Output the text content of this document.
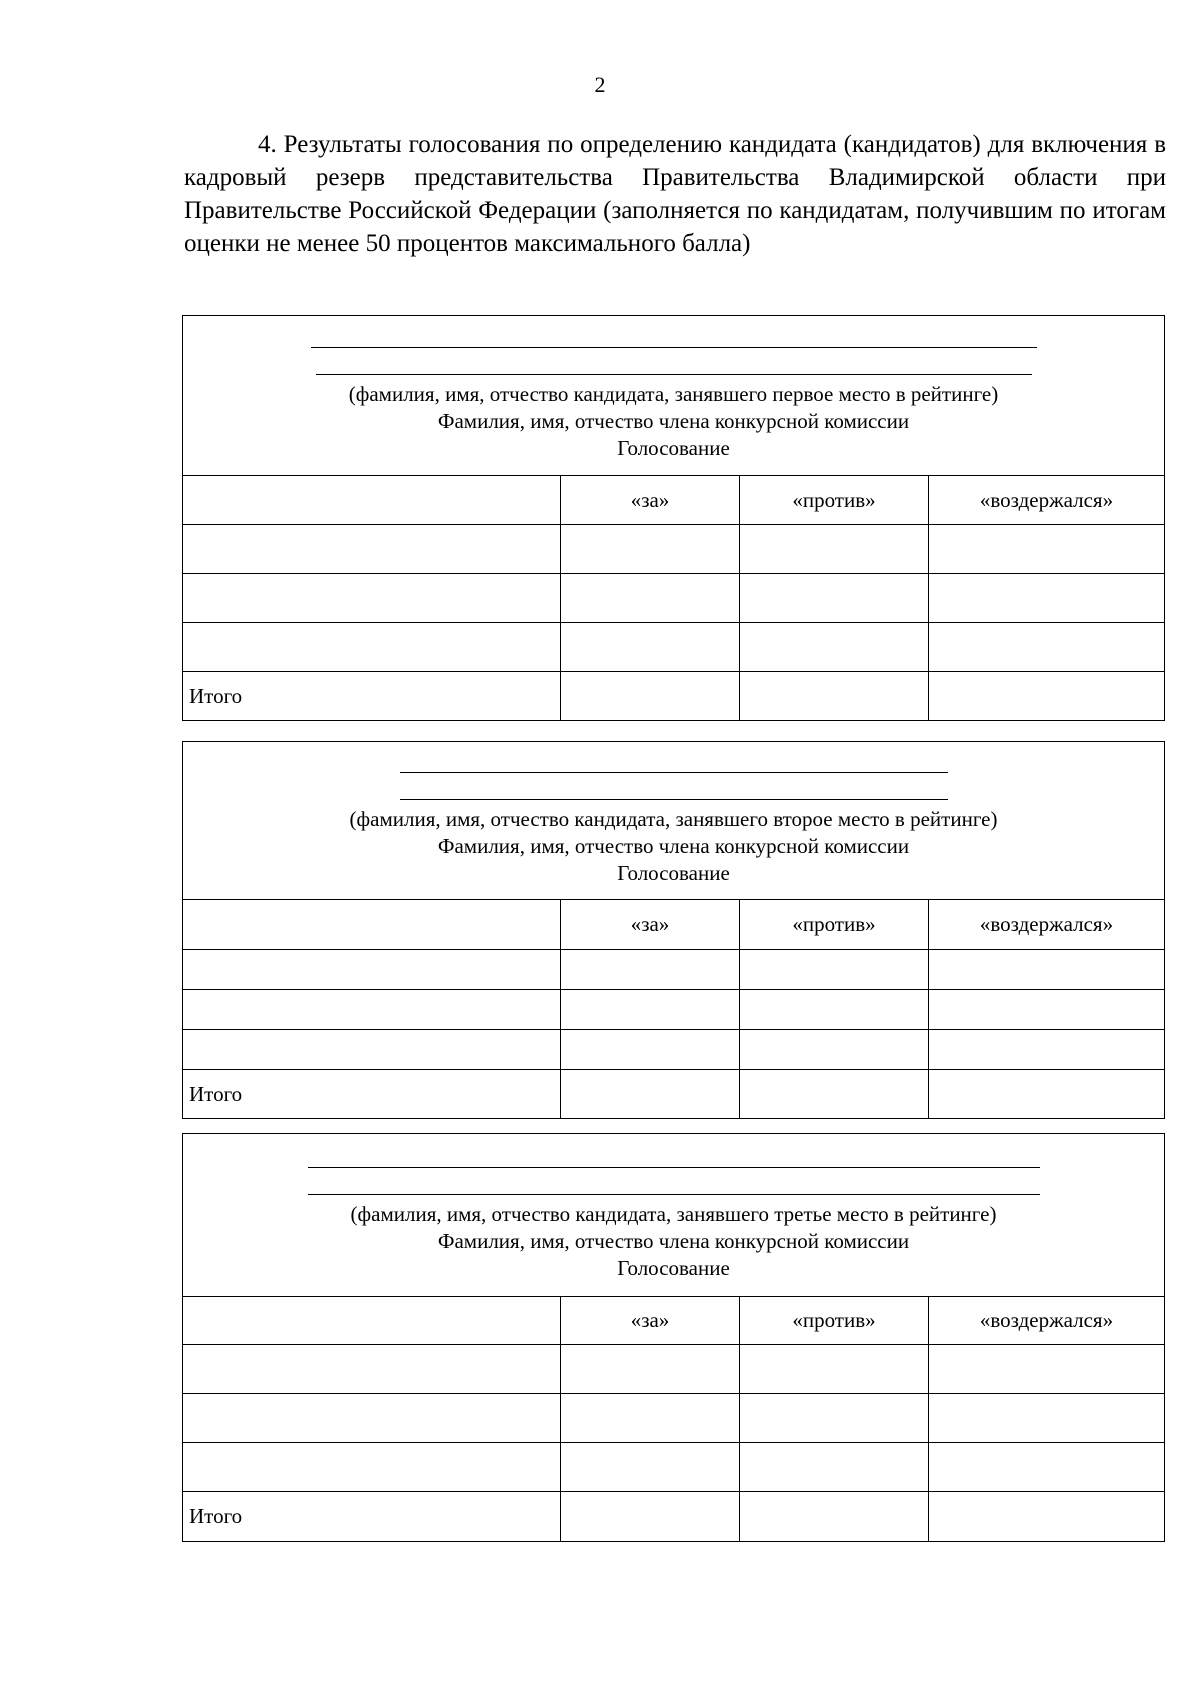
2

4. Результаты голосования по определению кандидата (кандидатов) для включения в кадровый резерв представительства Правительства Владимирской области при Правительстве Российской Федерации (заполняется по кандидатам, получившим по итогам оценки не менее 50 процентов максимального балла)

(фамилия, имя, отчество кандидата, занявшего первое место в рейтинге)
Фамилия, имя, отчество члена конкурсной комиссии
Голосование			

	«за»	«против»	«воздержался»

Итого			
(фамилия, имя, отчество кандидата, занявшего второе место в рейтинге)
Фамилия, имя, отчество члена конкурсной комиссии
Голосование			

	«за»	«против»	«воздержался»

Итого			
(фамилия, имя, отчество кандидата, занявшего третье место в рейтинге)
Фамилия, имя, отчество члена конкурсной комиссии
Голосование			

	«за»	«против»	«воздержался»

Итого			
